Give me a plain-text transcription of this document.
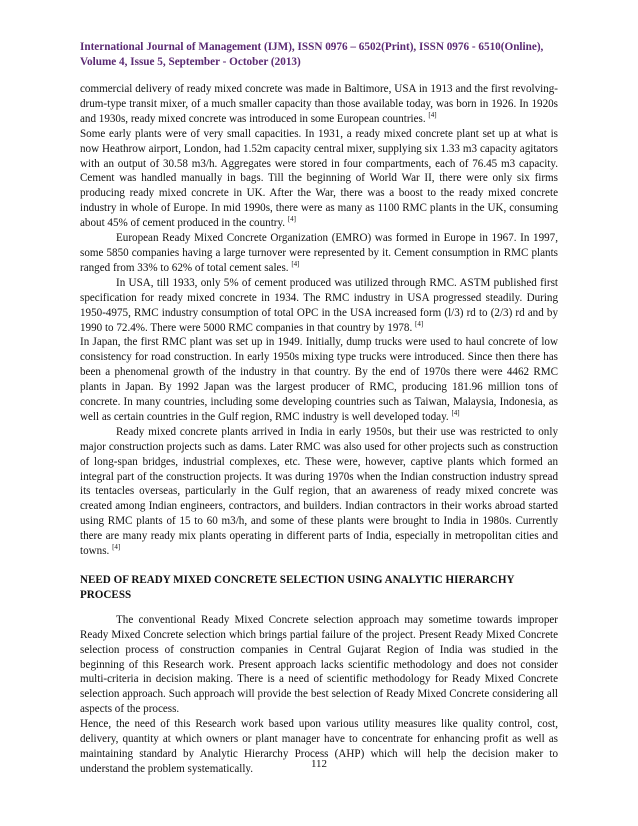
International Journal of Management (IJM), ISSN 0976 – 6502(Print), ISSN 0976 - 6510(Online),
Volume 4, Issue 5, September - October (2013)

commercial delivery of ready mixed concrete was made in Baltimore, USA in 1913 and the first revolving-drum-type transit mixer, of a much smaller capacity than those available today, was born in 1926. In 1920s and 1930s, ready mixed concrete was introduced in some European countries. [4]

Some early plants were of very small capacities. In 1931, a ready mixed concrete plant set up at what is now Heathrow airport, London, had 1.52m capacity central mixer, supplying six 1.33 m3 capacity agitators with an output of 30.58 m3/h. Aggregates were stored in four compartments, each of 76.45 m3 capacity. Cement was handled manually in bags. Till the beginning of World War II, there were only six firms producing ready mixed concrete in UK. After the War, there was a boost to the ready mixed concrete industry in whole of Europe. In mid 1990s, there were as many as 1100 RMC plants in the UK, consuming about 45% of cement produced in the country. [4]

European Ready Mixed Concrete Organization (EMRO) was formed in Europe in 1967. In 1997, some 5850 companies having a large turnover were represented by it. Cement consumption in RMC plants ranged from 33% to 62% of total cement sales. [4]

In USA, till 1933, only 5% of cement produced was utilized through RMC. ASTM published first specification for ready mixed concrete in 1934. The RMC industry in USA progressed steadily. During 1950-4975, RMC industry consumption of total OPC in the USA increased form (l/3) rd to (2/3) rd and by 1990 to 72.4%. There were 5000 RMC companies in that country by 1978. [4]

In Japan, the first RMC plant was set up in 1949. Initially, dump trucks were used to haul concrete of low consistency for road construction. In early 1950s mixing type trucks were introduced. Since then there has been a phenomenal growth of the industry in that country. By the end of 1970s there were 4462 RMC plants in Japan. By 1992 Japan was the largest producer of RMC, producing 181.96 million tons of concrete. In many countries, including some developing countries such as Taiwan, Malaysia, Indonesia, as well as certain countries in the Gulf region, RMC industry is well developed today. [4]

Ready mixed concrete plants arrived in India in early 1950s, but their use was restricted to only major construction projects such as dams. Later RMC was also used for other projects such as construction of long-span bridges, industrial complexes, etc. These were, however, captive plants which formed an integral part of the construction projects. It was during 1970s when the Indian construction industry spread its tentacles overseas, particularly in the Gulf region, that an awareness of ready mixed concrete was created among Indian engineers, contractors, and builders. Indian contractors in their works abroad started using RMC plants of 15 to 60 m3/h, and some of these plants were brought to India in 1980s. Currently there are many ready mix plants operating in different parts of India, especially in metropolitan cities and towns. [4]

NEED OF READY MIXED CONCRETE SELECTION USING ANALYTIC HIERARCHY PROCESS

The conventional Ready Mixed Concrete selection approach may sometime towards improper Ready Mixed Concrete selection which brings partial failure of the project. Present Ready Mixed Concrete selection process of construction companies in Central Gujarat Region of India was studied in the beginning of this Research work. Present approach lacks scientific methodology and does not consider multi-criteria in decision making. There is a need of scientific methodology for Ready Mixed Concrete selection approach. Such approach will provide the best selection of Ready Mixed Concrete considering all aspects of the process.

Hence, the need of this Research work based upon various utility measures like quality control, cost, delivery, quantity at which owners or plant manager have to concentrate for enhancing profit as well as maintaining standard by Analytic Hierarchy Process (AHP) which will help the decision maker to understand the problem systematically.	112
